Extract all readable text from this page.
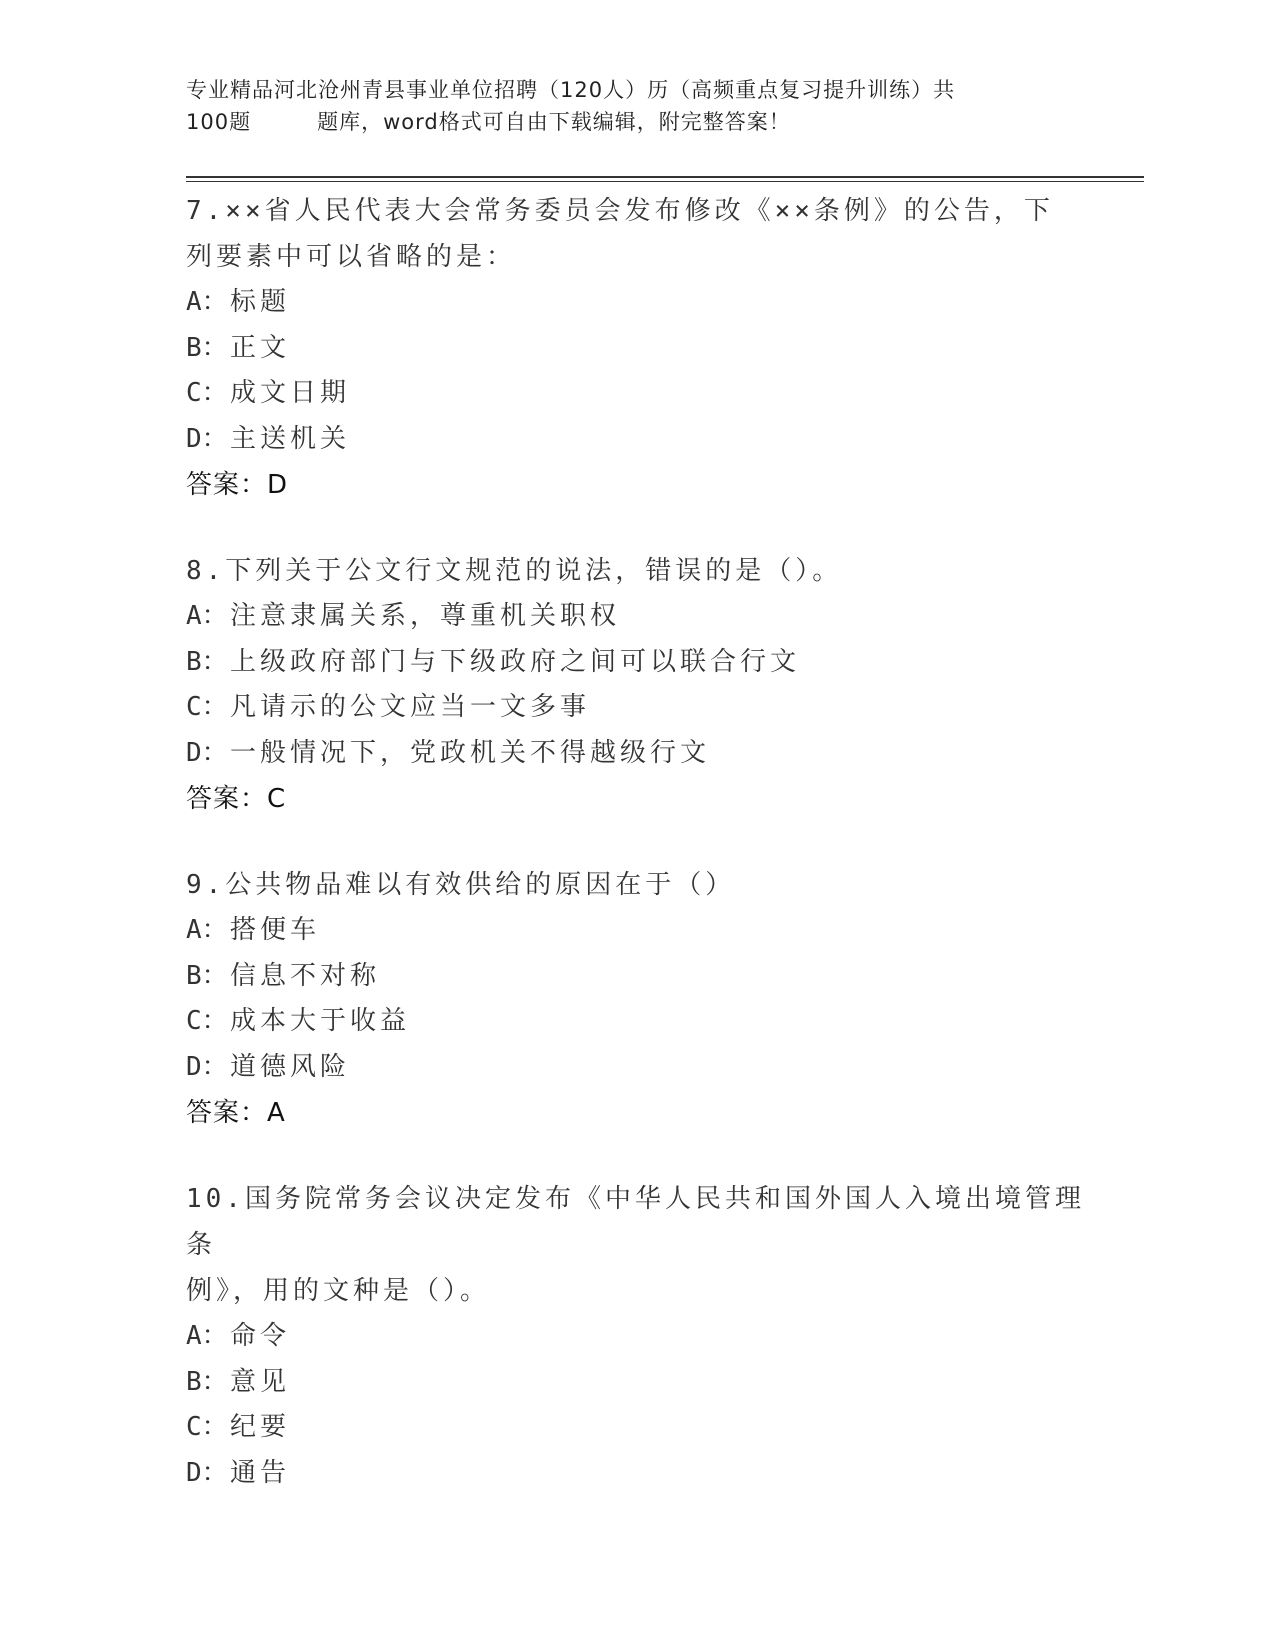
专业精品河北沧州青县事业单位招聘（120人）历（高频重点复习提升训练）共
100题	题库，word格式可自由下载编辑，附完整答案！
7.××省人民代表大会常务委员会发布修改《××条例》的公告，下
列要素中可以省略的是：
A：标题
B：正文
C：成文日期
D：主送机关
答案：D
8.下列关于公文行文规范的说法，错误的是（）。
A：注意隶属关系，尊重机关职权
B：上级政府部门与下级政府之间可以联合行文
C：凡请示的公文应当一文多事
D：一般情况下，党政机关不得越级行文
答案：C
9.公共物品难以有效供给的原因在于（）
A：搭便车
B：信息不对称
C：成本大于收益
D：道德风险
答案：A
10.国务院常务会议决定发布《中华人民共和国外国人入境出境管理条
例》，用的文种是（）。
A：命令
B：意见
C：纪要
D：通告
